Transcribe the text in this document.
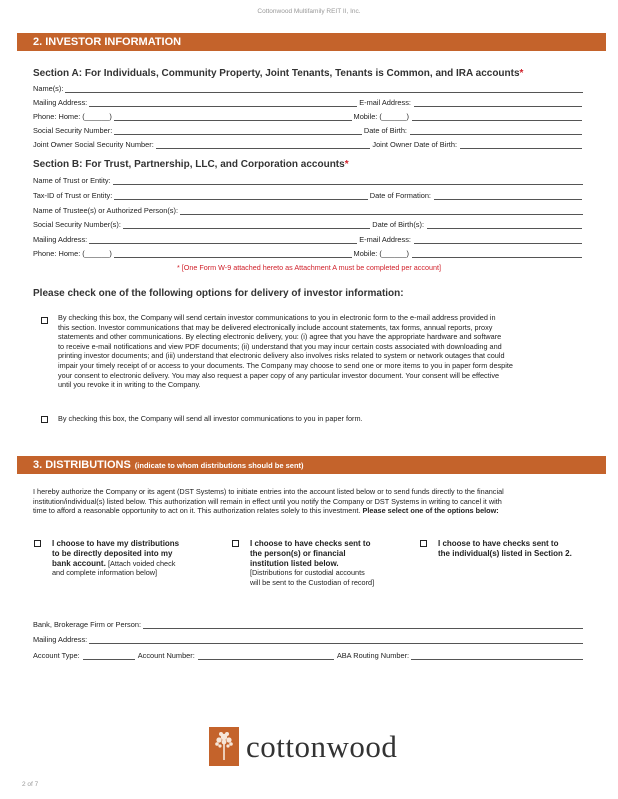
Cottonwood Multifamily REIT II, Inc.
2. INVESTOR INFORMATION
Section A: For Individuals, Community Property, Joint Tenants, Tenants is Common, and IRA accounts*
Name(s):
Mailing Address:	E-mail Address:
Phone: Home: (______)	Mobile: (______)
Social Security Number:	Date of Birth:
Joint Owner Social Security Number:	Joint Owner Date of Birth:
Section B: For Trust, Partnership, LLC, and Corporation accounts*
Name of Trust or Entity:
Tax-ID of Trust or Entity:	Date of Formation:
Name of Trustee(s) or Authorized Person(s):
Social Security Number(s):	Date of Birth(s):
Mailing Address:	E-mail Address:
Phone: Home: (______)	Mobile: (______)
* [One Form W-9 attached hereto as Attachment A must be completed per account]
Please check one of the following options for delivery of investor information:
By checking this box, the Company will send certain investor communications to you in electronic form to the e-mail address provided in
this section. Investor communications that may be delivered electronically include account statements, tax forms, annual reports, proxy
statements and other communications. By electing electronic delivery, you: (i) agree that you have the appropriate hardware and software
to receive e-mail notifications and view PDF documents; (ii) understand that you may incur certain costs associated with downloading and
printing investor documents; and (iii) understand that electronic delivery also involves risks related to system or network outages that could
impair your timely receipt of or access to your documents. The Company may choose to send one or more items to you in paper form despite
your consent to electronic delivery. You may also request a paper copy of any particular investor document. Your consent will be effective
until you revoke it in writing to the Company.
By checking this box, the Company will send all investor communications to you in paper form.
3. DISTRIBUTIONS (indicate to whom distributions should be sent)
I hereby authorize the Company or its agent (DST Systems) to initiate entries into the account listed below or to send funds directly to the financial
institution/individual(s) listed below. This authorization will remain in effect until you notify the Company or DST Systems in writing to cancel it with
time to afford a reasonable opportunity to act on it. This authorization relates solely to this investment. Please select one of the options below:
I choose to have my distributions
to be directly deposited into my
bank account. [Attach voided check
and complete information below]
I choose to have checks sent to
the person(s) or financial
institution listed below.
[Distributions for custodial accounts
will be sent to the Custodian of record]
I choose to have checks sent to
the individual(s) listed in Section 2.
Bank, Brokerage Firm or Person:
Mailing Address:
Account Type:	Account Number:	ABA Routing Number:
cottonwood
2 of 7
